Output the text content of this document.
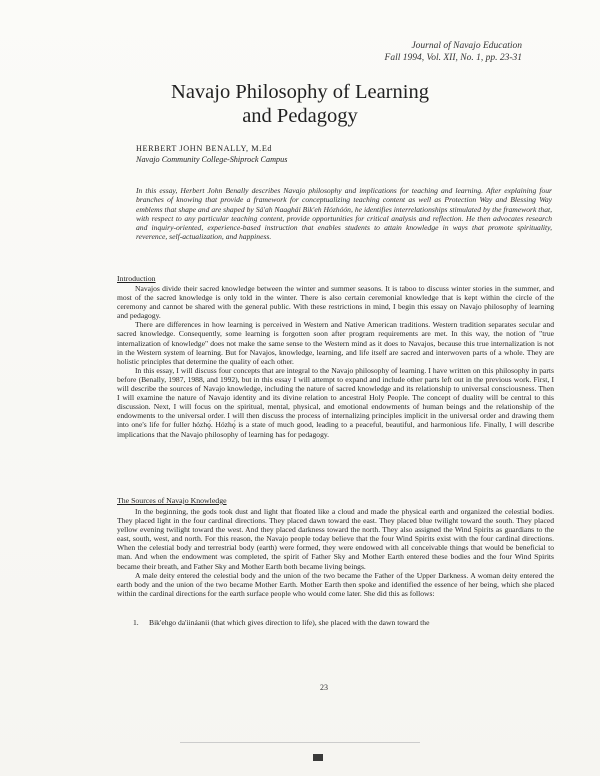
Journal of Navajo Education
Fall 1994, Vol. XII, No. 1, pp. 23-31
Navajo Philosophy of Learning
and Pedagogy
HERBERT JOHN BENALLY, M.Ed
Navajo Community College-Shiprock Campus
In this essay, Herbert John Benally describes Navajo philosophy and implications for teaching and learning. After explaining four branches of knowing that provide a framework for conceptualizing teaching content as well as Protection Way and Blessing Way emblems that shape and are shaped by Sá'ah Naaghái Bik'eh Hózhóón, he identifies interrelationships stimulated by the framework that, with respect to any particular teaching content, provide opportunities for critical analysis and reflection. He then advocates research and inquiry-oriented, experience-based instruction that enables students to attain knowledge in ways that promote spirituality, reverence, self-actualization, and happiness.
Introduction

Navajos divide their sacred knowledge between the winter and summer seasons. It is taboo to discuss winter stories in the summer, and most of the sacred knowledge is only told in the winter. There is also certain ceremonial knowledge that is kept within the circle of the ceremony and cannot be shared with the general public. With these restrictions in mind, I begin this essay on Navajo philosophy of learning and pedagogy.

There are differences in how learning is perceived in Western and Native American traditions. Western tradition separates secular and sacred knowledge. Consequently, some learning is forgotten soon after program requirements are met. In this way, the notion of "true internalization of knowledge" does not make the same sense to the Western mind as it does to Navajos, because this true internalization is not in the Western system of learning. But for Navajos, knowledge, learning, and life itself are sacred and interwoven parts of a whole. They are holistic principles that determine the quality of each other.

In this essay, I will discuss four concepts that are integral to the Navajo philosophy of learning. I have written on this philosophy in parts before (Benally, 1987, 1988, and 1992), but in this essay I will attempt to expand and include other parts left out in the previous work. First, I will describe the sources of Navajo knowledge, including the nature of sacred knowledge and its relationship to universal consciousness. Then I will examine the nature of Navajo identity and its divine relation to ancestral Holy People. The concept of duality will be central to this discussion. Next, I will focus on the spiritual, mental, physical, and emotional endowments of human beings and the relationship of the endowments to the universal order. I will then discuss the process of internalizing principles implicit in the universal order and drawing them into one's life for fuller hózhǫ́. Hózhǫ́ is a state of much good, leading to a peaceful, beautiful, and harmonious life. Finally, I will describe implications that the Navajo philosophy of learning has for pedagogy.

The Sources of Navajo Knowledge

In the beginning, the gods took dust and light that floated like a cloud and made the physical earth and organized the celestial bodies. They placed light in the four cardinal directions. They placed dawn toward the east. They placed blue twilight toward the south. They placed yellow evening twilight toward the west. And they placed darkness toward the north. They also assigned the Wind Spirits as guardians to the east, south, west, and north. For this reason, the Navajo people today believe that the four Wind Spirits exist with the four cardinal directions. When the celestial body and terrestrial body (earth) were formed, they were endowed with all conceivable things that would be beneficial to man. And when the endowment was completed, the spirit of Father Sky and Mother Earth entered these bodies and the four Wind Spirits became their breath, and Father Sky and Mother Earth both became living beings.

A male deity entered the celestial body and the union of the two became the Father of the Upper Darkness. A woman deity entered the earth body and the union of the two became Mother Earth. Mother Earth then spoke and identified the essence of her being, which she placed within the cardinal directions for the earth surface people who would come later. She did this as follows:

1. Bik'ehgo da'iináanii (that which gives direction to life), she placed with the dawn toward the
23
